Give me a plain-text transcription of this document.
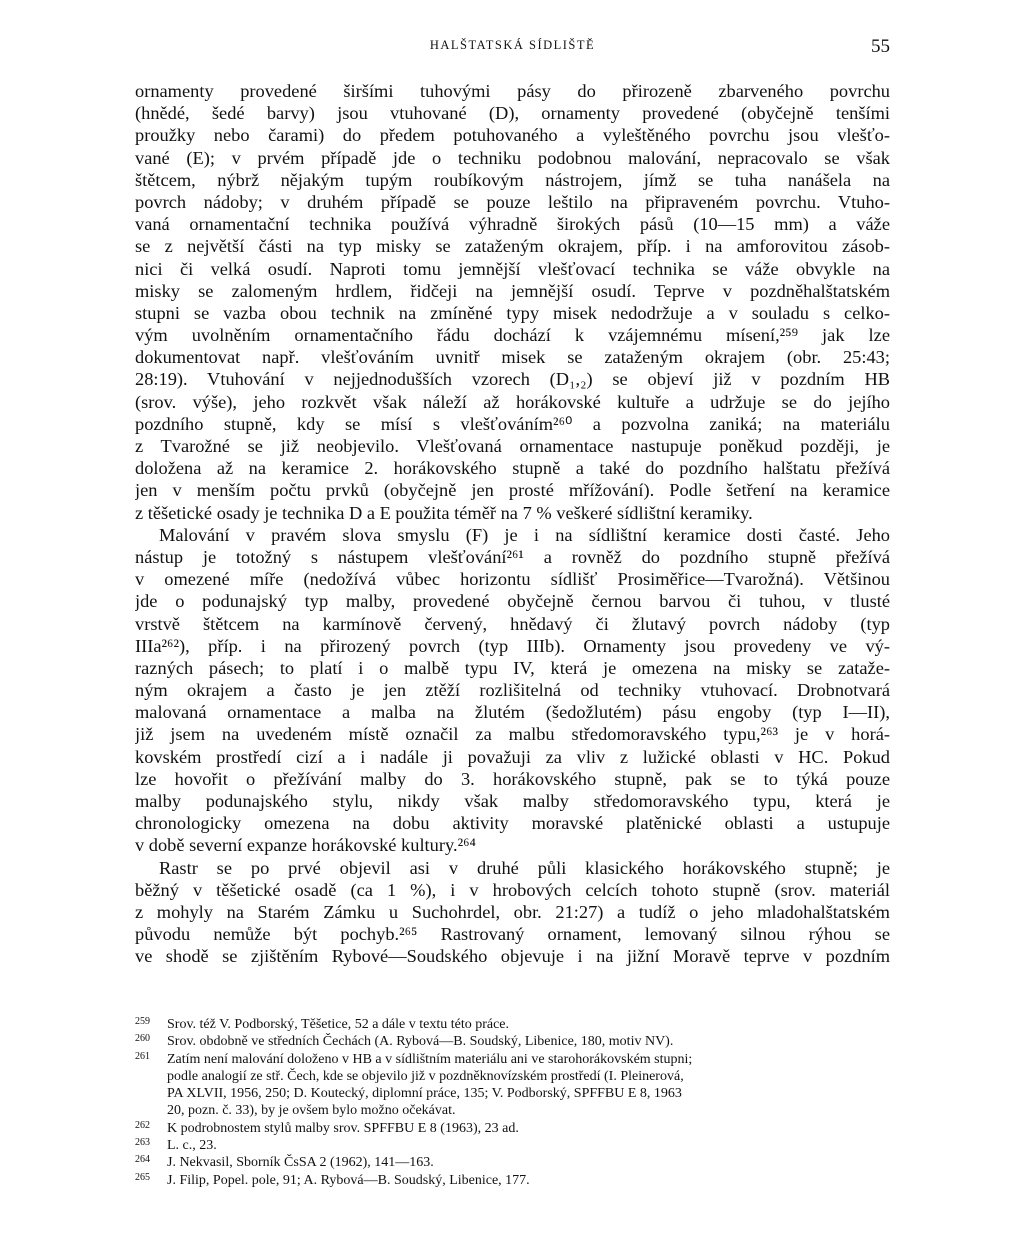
HALŠTATSKÁ SÍDLIŠTĚ	55
ornamenty provedené širšími tuhovými pásy do přirozeně zbarveného povrchu
(hnědé, šedé barvy) jsou vtuhované (D), ornamenty provedené (obyčejně tenšími
proužky nebo čarami) do předem potuhovaného a vyleštěného povrchu jsou vlešťo-
vané (E); v prvém případě jde o techniku podobnou malování, nepracovalo se však
štětcem, nýbrž nějakým tupým roubíkovým nástrojem, jímž se tuha nanášela na
povrch nádoby; v druhém případě se pouze leštilo na připraveném povrchu. Vtuho-
vaná ornamentační technika používá výhradně širokých pásů (10—15 mm) a váže
se z největší části na typ misky se zataženým okrajem, příp. i na amforovitou zásob-
nici či velká osudí. Naproti tomu jemnější vlešťovací technika se váže obvykle na
misky se zalomeným hrdlem, řidčeji na jemnější osudí. Teprve v pozdněhalštatském
stupni se vazba obou technik na zmíněné typy misek nedodržuje a v souladu s celko-
vým uvolněním ornamentačního řádu dochází k vzájemnému mísení,²⁵⁹ jak lze
dokumentovat např. vlešťováním uvnitř misek se zataženým okrajem (obr. 25:43;
28:19). Vtuhování v nejjednodušších vzorech (D₁,₂) se objeví již v pozdním HB
(srov. výše), jeho rozkvět však náleží až horákovské kultuře a udržuje se do jejího
pozdního stupně, kdy se mísí s vlešťováním²⁶⁰ a pozvolna zaniká; na materiálu
z Tvarožné se již neobjevilo. Vlešťovaná ornamentace nastupuje poněkud později, je
doložena až na keramice 2. horákovského stupně a také do pozdního halštatu přežívá
jen v menším počtu prvků (obyčejně jen prosté mřížování). Podle šetření na keramice
z těšetické osady je technika D a E použita téměř na 7 % veškeré sídlištní keramiky.
Malování v pravém slova smyslu (F) je i na sídlištní keramice dosti časté. Jeho
nástup je totožný s nástupem vlešťování²⁶¹ a rovněž do pozdního stupně přežívá
v omezené míře (nedožívá vůbec horizontu sídlišť Prosiměřice—Tvarožná). Většinou
jde o podunajský typ malby, provedené obyčejně černou barvou či tuhou, v tlusté
vrstvě štětcem na karmínově červený, hnědavý či žlutavý povrch nádoby (typ
IIIa²⁶²), příp. i na přirozený povrch (typ IIIb). Ornamenty jsou provedeny ve vý-
razných pásech; to platí i o malbě typu IV, která je omezena na misky se zatažе-
ným okrajem a často je jen ztěží rozlišitelná od techniky vtuhovací. Drobnotvará
malovaná ornamentace a malba na žlutém (šedožlutém) pásu engoby (typ I—II),
již jsem na uvedeném místě označil za malbu středomoravského typu,²⁶³ je v horá-
kovském prostředí cizí a i nadále ji považuji za vliv z lužické oblasti v HC. Pokud
lze hovořit o přežívání malby do 3. horákovského stupně, pak se to týká pouze
malby podunajského stylu, nikdy však malby středomoravského typu, která je
chronologicky omezena na dobu aktivity moravské platěnické oblasti a ustupuje
v době severní expanze horákovské kultury.²⁶⁴
Rastr se po prvé objevil asi v druhé půli klasického horákovského stupně; je
běžný v těšetické osadě (ca 1 %), i v hrobových celcích tohoto stupně (srov. materiál
z mohyly na Starém Zámku u Suchohrdel, obr. 21:27) a tudíž o jeho mladohalštatském
původu nemůže být pochyb.²⁶⁵ Rastrovaný ornament, lemovaný silnou rýhou se
ve shodě se zjištěním Rybové—Soudského objevuje i na jižní Moravě teprve v pozdním
259	Srov. též V. Podborský, Těšetice, 52 a dále v textu této práce.
260	Srov. obdobně ve středních Čechách (A. Rybová—B. Soudský, Libenice, 180, motiv NV).
261	Zatím není malování doloženo v HB a v sídlištním materiálu ani ve starohorákovském stupni;
podle analogií ze stř. Čech, kde se objevilo již v pozdněknovízském prostředí (I. Pleinerová,
PA XLVII, 1956, 250; D. Koutecký, diplomní práce, 135; V. Podborský, SPFFBU E 8, 1963
20, pozn. č. 33), by je ovšem bylo možno očekávat.
262	K podrobnostem stylů malby srov. SPFFBU E 8 (1963), 23 ad.
263	L. c., 23.
264	J. Nekvasil, Sborník ČsSA 2 (1962), 141—163.
265	J. Filip, Popel. pole, 91; A. Rybová—B. Soudský, Libenice, 177.
